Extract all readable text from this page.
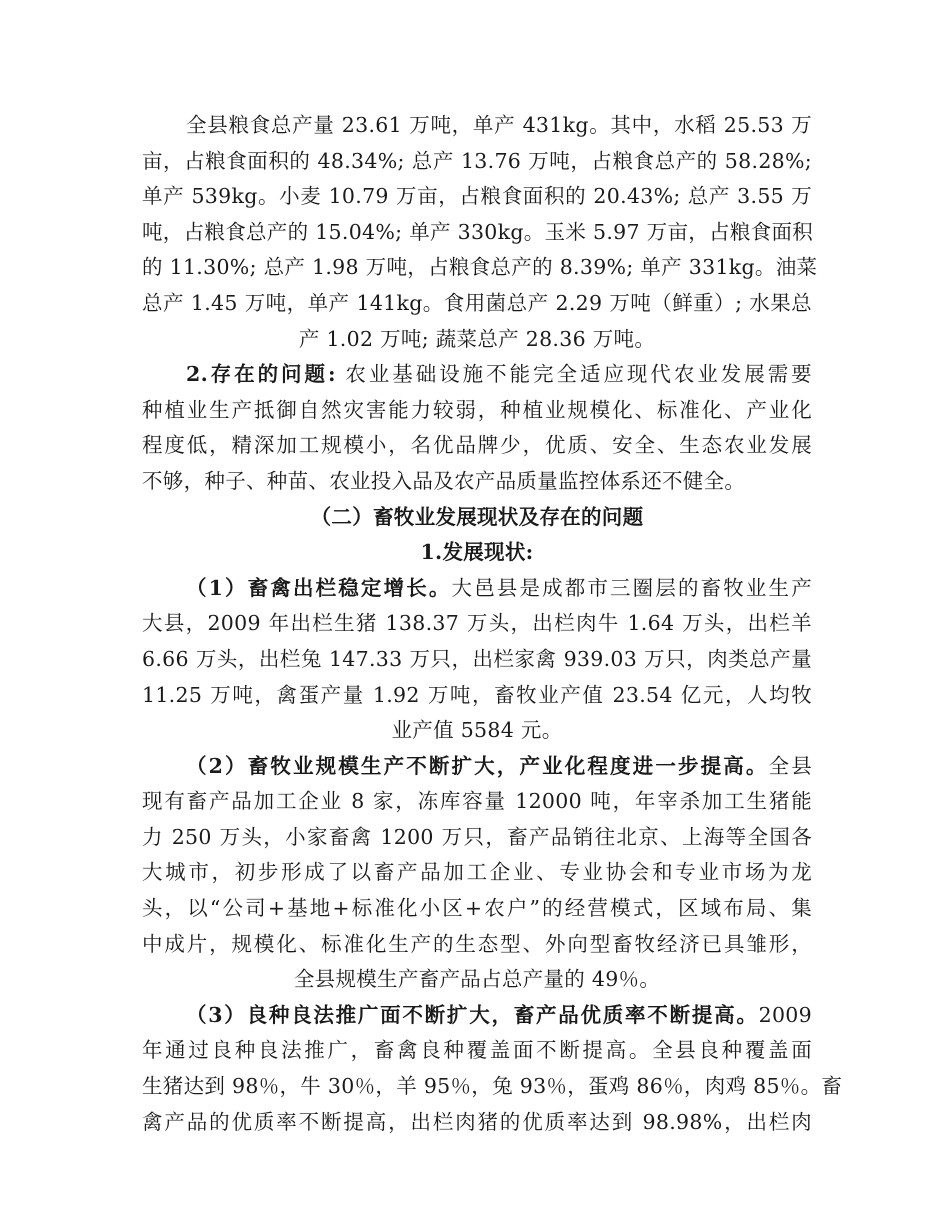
全县粮食总产量 23.61 万吨，单产 431kg。其中，水稻 25.53 万
亩，占粮食面积的 48.34%; 总产 13.76 万吨，占粮食总产的 58.28%;
单产 539kg。小麦 10.79 万亩，占粮食面积的 20.43%; 总产 3.55 万
吨，占粮食总产的 15.04%; 单产 330kg。玉米 5.97 万亩，占粮食面积
的 11.30%; 总产 1.98 万吨，占粮食总产的 8.39%; 单产 331kg。油菜
总产 1.45 万吨，单产 141kg。食用菌总产 2.29 万吨（鲜重）; 水果总
产 1.02 万吨; 蔬菜总产 28.36 万吨。
2.存在的问题: 农业基础设施不能完全适应现代农业发展需要
种植业生产抵御自然灾害能力较弱，种植业规模化、标准化、产业化
程度低，精深加工规模小，名优品牌少，优质、安全、生态农业发展
不够，种子、种苗、农业投入品及农产品质量监控体系还不健全。
（二）畜牧业发展现状及存在的问题
1.发展现状:
（1）畜禽出栏稳定增长。大邑县是成都市三圈层的畜牧业生产
大县，2009 年出栏生猪 138.37 万头，出栏肉牛 1.64 万头，出栏羊
6.66 万头，出栏兔 147.33 万只，出栏家禽 939.03 万只，肉类总产量
11.25 万吨，禽蛋产量 1.92 万吨，畜牧业产值 23.54 亿元，人均牧
业产值 5584 元。
（2）畜牧业规模生产不断扩大，产业化程度进一步提高。全县
现有畜产品加工企业 8 家，冻库容量 12000 吨，年宰杀加工生猪能
力 250 万头，小家畜禽 1200 万只，畜产品销往北京、上海等全国各
大城市，初步形成了以畜产品加工企业、专业协会和专业市场为龙
头，以“公司+基地+标准化小区+农户”的经营模式，区域布局、集
中成片，规模化、标准化生产的生态型、外向型畜牧经济已具雏形，
全县规模生产畜产品占总产量的 49％。
（3）良种良法推广面不断扩大，畜产品优质率不断提高。2009
年通过良种良法推广，畜禽良种覆盖面不断提高。全县良种覆盖面
生猪达到 98％，牛 30％，羊 95％，兔 93％，蛋鸡 86％，肉鸡 85％。畜
禽产品的优质率不断提高，出栏肉猪的优质率达到 98.98%，出栏肉
